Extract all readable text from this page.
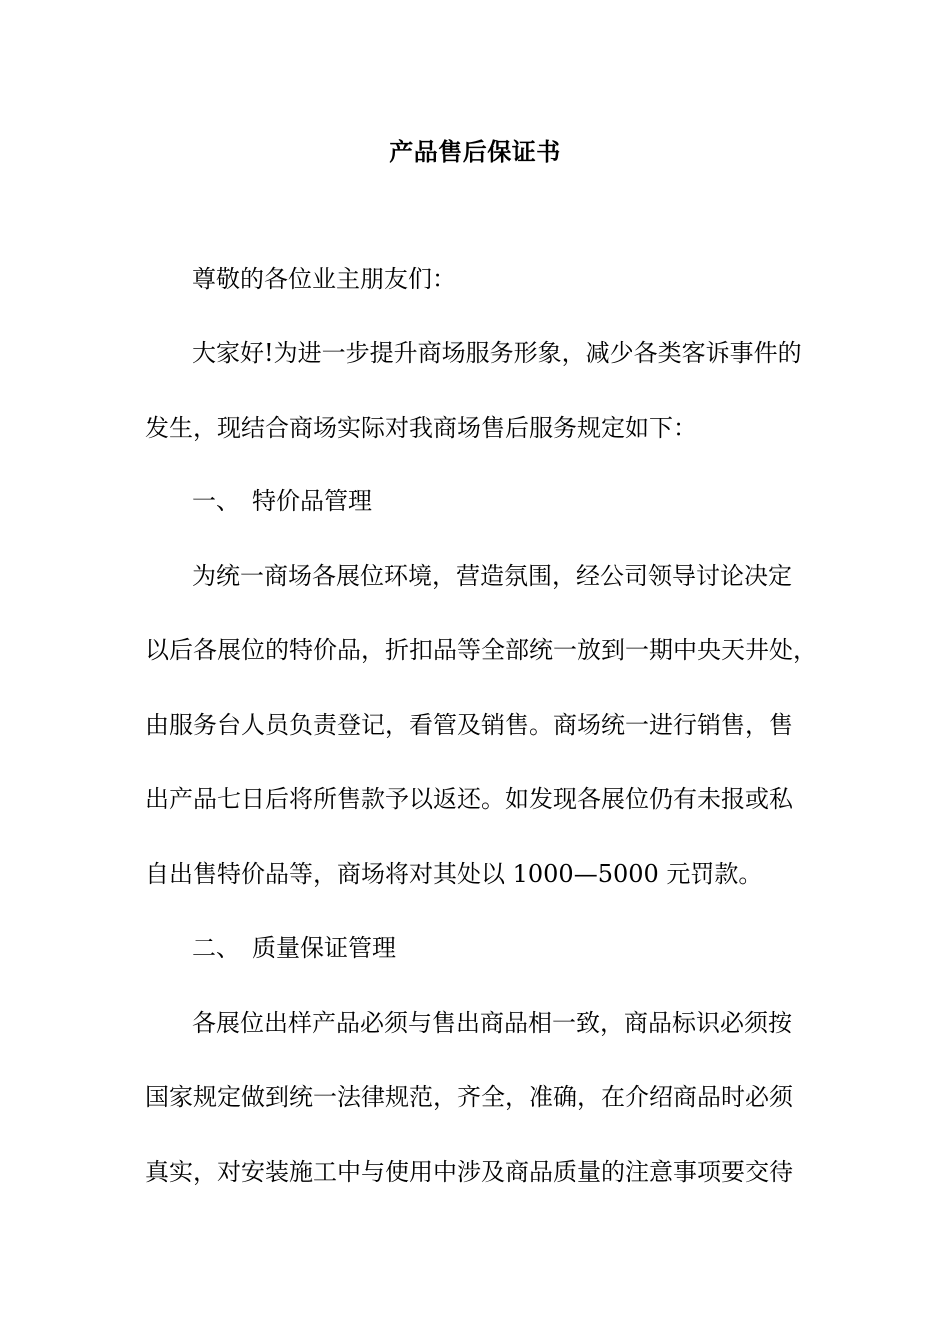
产品售后保证书
尊敬的各位业主朋友们：
大家好!为进一步提升商场服务形象，减少各类客诉事件的
发生，现结合商场实际对我商场售后服务规定如下：
一、 特价品管理
为统一商场各展位环境，营造氛围，经公司领导讨论决定
以后各展位的特价品，折扣品等全部统一放到一期中央天井处，
由服务台人员负责登记，看管及销售。商场统一进行销售，售
出产品七日后将所售款予以返还。如发现各展位仍有未报或私
自出售特价品等，商场将对其处以 1000—5000 元罚款。
二、 质量保证管理
各展位出样产品必须与售出商品相一致，商品标识必须按
国家规定做到统一法律规范，齐全，准确，在介绍商品时必须
真实，对安装施工中与使用中涉及商品质量的注意事项要交待
